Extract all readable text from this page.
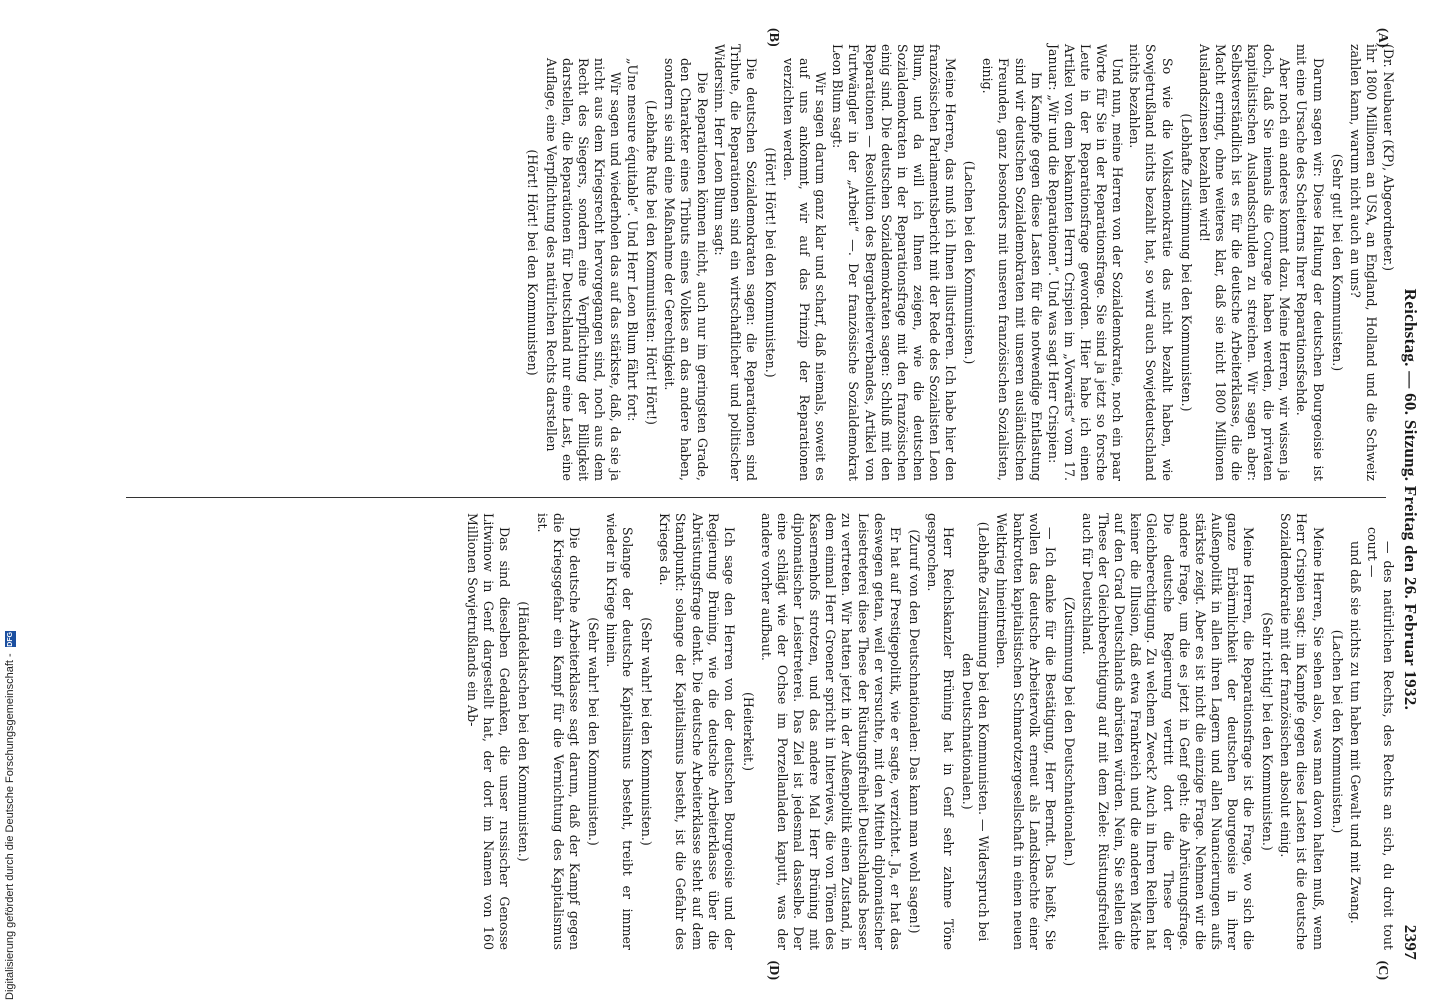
Reichstag. — 60. Sitzung. Freitag den 26. Februar 1932.
2397

(Dr. Neubauer (KP), Abgeordneter.)

ihr 1800 Millionen an USA, an England, Holland und die Schweiz zahlen kann, warum nicht auch an uns?

(Sehr gut! bei den Kommunisten.)

Darum sagen wir: Diese Haltung der deutschen Bourgeoisie ist mit eine Ursache des Scheiterns Ihrer Reparationsfsehde.

Aber noch ein anderes kommt dazu. Meine Herren, wir wissen ja doch, daß Sie niemals die Courage haben werden, die privaten kapitalistischen Auslandsschulden zu streichen. Wir sagen aber: Selbstverständlich ist es für die deutsche Arbeiterklasse, die die Macht erringt, ohne weiteres klar, daß sie nicht 1800 Millionen Auslandszinsen bezahlen wird!

(Lebhafte Zustimmung bei den Kommunisten.)

So wie die Volksdemokratie das nicht bezahlt haben, wie Sowjetrußland nichts bezahlt hat, so wird auch Sowjetdeutschland nichts bezahlen.

Und nun, meine Herren von der Sozialdemokratie, noch ein paar Worte für Sie in der Reparationsfrage. Sie sind ja jetzt so forsche Leute in der Reparationsfrage geworden. Hier habe ich einen Artikel von dem bekannten Herrn Crispien im „Vorwärts“ vom 17. Januar: „Wir und die Reparationen“. Und was sagt Herr Crispien:

Im Kampfe gegen diese Lasten für die notwendige Entlastung sind wir deutschen Sozialdemokraten mit unseren ausländischen Freunden, ganz besonders mit unseren französischen Sozialisten, einig.

(Lachen bei den Kommunisten.)

Meine Herren, das muß ich Ihnen illustrieren. Ich habe hier den französischen Parlamentsbericht mit der Rede des Sozialisten Leon Blum, und da will ich Ihnen zeigen, wie die deutschen Sozialdemokraten in der Reparationsfrage mit den französischen einig sind. Die deutschen Sozialdemokraten sagen: Schluß mit den Reparationen — Resolution des Bergarbeiterverbandes, Artikel von Furtwängler in der „Arbeit“ —. Der französische Sozialdemokrat Leon Blum sagt:

Wir sagen darum ganz klar und scharf, daß niemals, soweit es auf uns ankommt, wir auf das Prinzip der Reparationen verzichten werden.

(Hört! Hört! bei den Kommunisten.)

Die deutschen Sozialdemokraten sagen: die Reparationen sind Tribute, die Reparationen sind ein wirtschaftlicher und politischer Widersinn. Herr Leon Blum sagt:

Die Reparationen können nicht, auch nur im geringsten Grade, den Charakter eines Tributs eines Volkes an das andere haben, sondern sie sind eine Maßnahme der Gerechtigkeit.

(Lebhafte Rufe bei den Kommunisten: Hört! Hört!)

„Une mesure équitable“. Und Herr Leon Blum fährt fort:

Wir sagen und wiederholen das auf das stärkste, daß, da sie ja nicht aus dem Kriegsrecht hervorgegangen sind, noch aus dem Recht des Siegers, sondern eine Verpflichtung der Billigkeit darstellen, die Reparationen für Deutschland nur eine Last, eine Auflage, eine Verpflichtung des natürlichen Rechts darstellen

(Hört! Hört! bei den Kommunisten)

— des natürlichen Rechts, des Rechts an sich, du droit tout court —

und daß sie nichts zu tun haben mit Gewalt und mit Zwang.

(Lachen bei den Kommunisten.)

Meine Herren, Sie sehen also, was man davon halten muß, wenn Herr Crispien sagt: im Kampfe gegen diese Lasten ist die deutsche Sozialdemokratie mit der französischen absolut einig.

(Sehr richtig! bei den Kommunisten.)

Meine Herren, die Reparationsfrage ist die Frage, wo sich die ganze Erbärmlichkeit der deutschen Bourgeoisie in ihrer Außenpolitik in allen ihren Lagern und allen Nuancierungen aufs stärkste zeigt. Aber es ist nicht die einzige Frage. Nehmen wir die andere Frage, um die es jetzt in Genf geht: die Abrüstungsfrage. Die deutsche Regierung vertritt dort die These der Gleichberechtigung. Zu welchem Zweck? Auch in Ihren Reihen hat keiner die Illusion, daß etwa Frankreich und die anderen Mächte auf den Grad Deutschlands abrüsten würden. Nein, Sie stellen die These der Gleichberechtigung auf mit dem Ziele: Rüstungsfreiheit auch für Deutschland.

(Zustimmung bei den Deutschnationalen.)

— Ich danke für die Bestätigung, Herr Berndt. Das heißt, Sie wollen das deutsche Arbeitervolk erneut als Landsknechte einer bankrotten kapitalistischen Schmarotzergesellschaft in einen neuen Weltkrieg hineintreiben.

(Lebhafte Zustimmung bei den Kommunisten. — Widerspruch bei den Deutschnationalen.)

Herr Reichskanzler Brüning hat in Genf sehr zahme Töne gesprochen.

(Zuruf von den Deutschnationalen: Das kann man wohl sagen!)

Er hat auf Prestigepolitik, wie er sagte, verzichtet. Ja, er hat das deswegen getan, weil er versuchte, mit den Mitteln diplomatischer Leisetreterei diese These der Rüstungsfreiheit Deutschlands besser zu vertreten. Wir hatten jetzt in der Außenpolitik einen Zustand, in dem einmal Herr Groener spricht in Interviews, die von Tönen des Kasernenhofs strotzen, und das andere Mal Herr Brüning mit diplomatischer Leisetreterei. Das Ziel ist jedesmal dasselbe. Der eine schlägt wie der Ochse im Porzellanladen kaputt, was der andere vorher aufbaut.

(Heiterkeit.)

Ich sage den Herren von der deutschen Bourgeoisie und der Regierung Brüning, wie die deutsche Arbeiterklasse über die Abrüstungsfrage denkt. Die deutsche Arbeiterklasse steht auf dem Standpunkt: solange der Kapitalismus besteht, ist die Gefahr des Krieges da.

(Sehr wahr! bei den Kommunisten.)

Solange der deutsche Kapitalismus besteht, treibt er immer wieder in Kriege hinein.

(Sehr wahr! bei den Kommunisten.)

Die deutsche Arbeiterklasse sagt darum, daß der Kampf gegen die Kriegsgefahr ein Kampf für die Vernichtung des Kapitalismus ist.

(Händeklatschen bei den Kommunisten.)

Das sind dieselben Gedanken, die unser russischer Genosse Litwinow in Genf dargestellt hat, der dort im Namen von 160 Millionen Sowjetrußlands ein Ab-

(A)
(B)
(C)
(D)
Digitalisierung gefördert durch die Deutsche Forschungsgemeinschaft -
DFG
